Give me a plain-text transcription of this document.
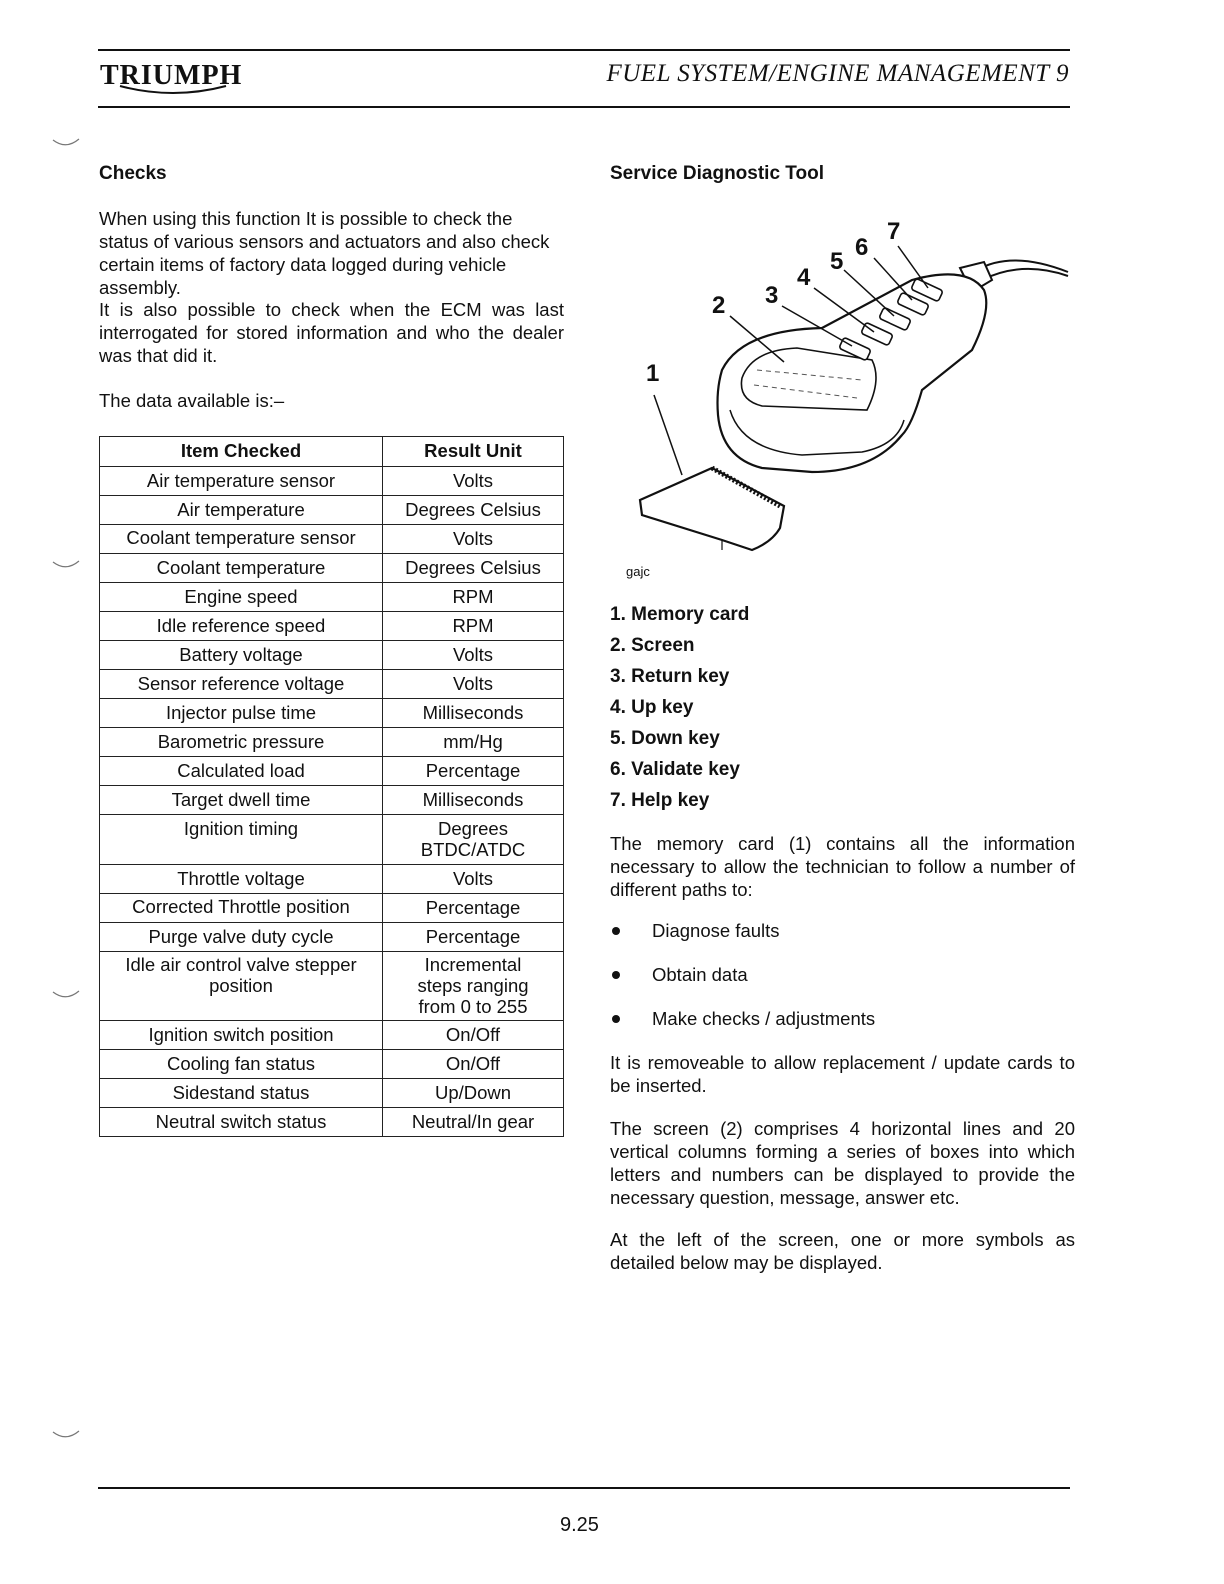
TRIUMPH	FUEL SYSTEM/ENGINE MANAGEMENT 9
Checks
When using this function It is possible to check the status of various sensors and actuators and also check certain items of factory data logged during vehicle assembly.
It is also possible to check when the ECM was last interrogated for stored information and who the dealer was that did it.
The data available is:–
Item Checked	Result Unit
Air temperature sensor	Volts
Air temperature	Degrees Celsius
Coolant temperature sensor	Volts
Coolant temperature	Degrees Celsius
Engine speed	RPM
Idle reference speed	RPM
Battery voltage	Volts
Sensor reference voltage	Volts
Injector pulse time	Milliseconds
Barometric pressure	mm/Hg
Calculated load	Percentage
Target dwell time	Milliseconds
Ignition timing	Degrees BTDC/ATDC
Throttle voltage	Volts
Corrected Throttle position	Percentage
Purge valve duty cycle	Percentage
Idle air control valve stepper position	Incremental steps ranging from 0 to 255
Ignition switch position	On/Off
Cooling fan status	On/Off
Sidestand status	Up/Down
Neutral switch status	Neutral/In gear
Service Diagnostic Tool
1
2 3
4
5
6
7
gajc
1. Memory card
2. Screen
3. Return key
4. Up key
5. Down key
6. Validate key
7. Help key
The memory card (1) contains all the information necessary to allow the technician to follow a number of different paths to:
Diagnose faults
Obtain data
Make checks / adjustments
It is removeable to allow replacement / update cards to be inserted.
The screen (2) comprises 4 horizontal lines and 20 vertical columns forming a series of boxes into which letters and numbers can be displayed to provide the necessary question, message, answer etc.
At the left of the screen, one or more symbols as detailed below may be displayed.
9.25
